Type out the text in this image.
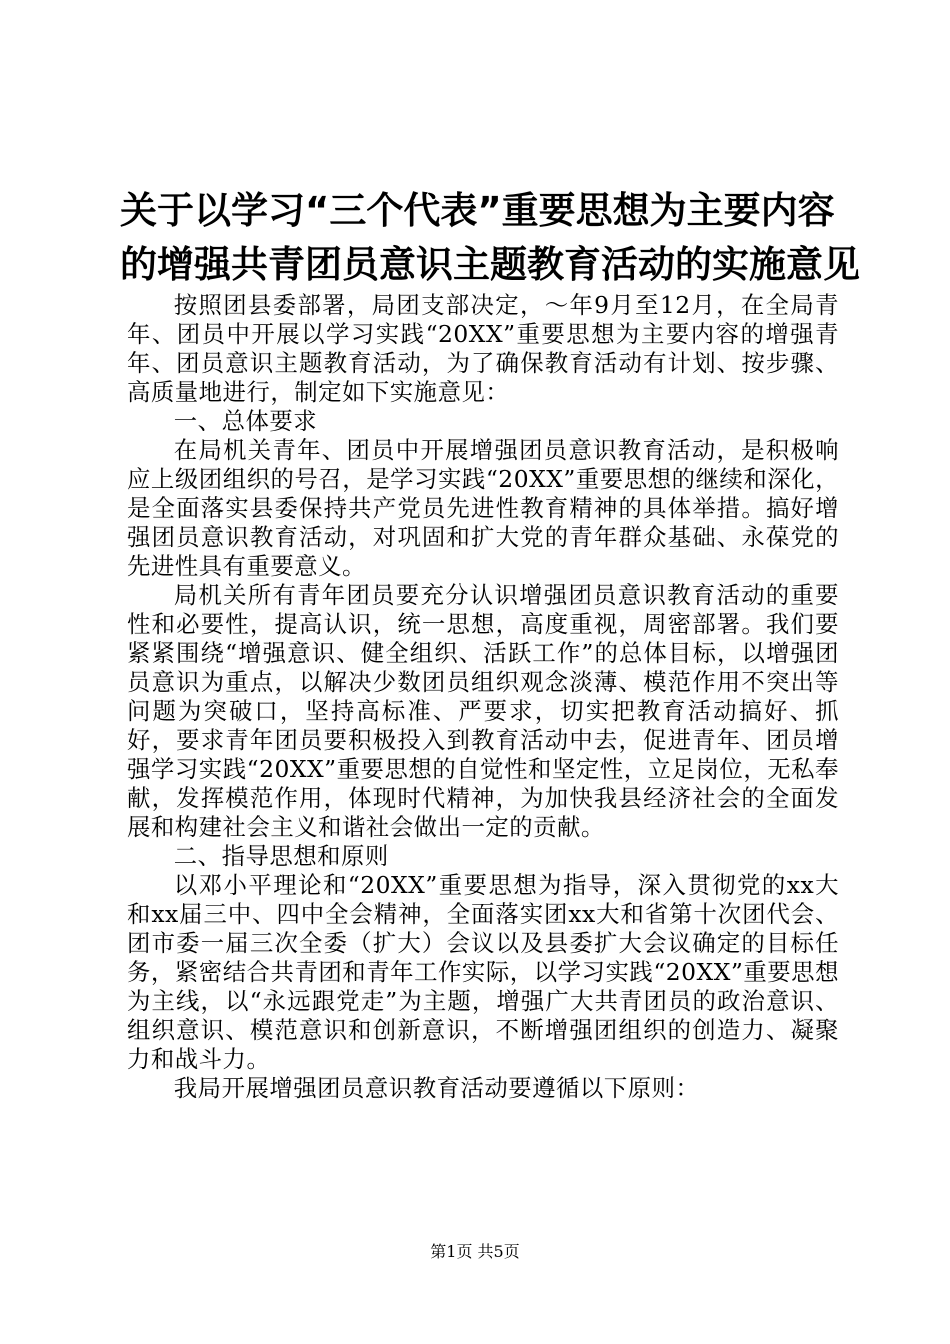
关于以学习“三个代表”重要思想为主要内容
的增强共青团员意识主题教育活动的实施意见

按照团县委部署，局团支部决定，～年9月至12月，在全局青年、团员中开展以学习实践“20XX”重要思想为主要内容的增强青年、团员意识主题教育活动，为了确保教育活动有计划、按步骤、高质量地进行，制定如下实施意见：

一、总体要求

在局机关青年、团员中开展增强团员意识教育活动，是积极响应上级团组织的号召，是学习实践“20XX”重要思想的继续和深化，是全面落实县委保持共产党员先进性教育精神的具体举措。搞好增强团员意识教育活动，对巩固和扩大党的青年群众基础、永葆党的先进性具有重要意义。

局机关所有青年团员要充分认识增强团员意识教育活动的重要性和必要性，提高认识，统一思想，高度重视，周密部署。我们要紧紧围绕“增强意识、健全组织、活跃工作”的总体目标，以增强团员意识为重点，以解决少数团员组织观念淡薄、模范作用不突出等问题为突破口，坚持高标准、严要求，切实把教育活动搞好、抓好，要求青年团员要积极投入到教育活动中去，促进青年、团员增强学习实践“20XX”重要思想的自觉性和坚定性，立足岗位，无私奉献，发挥模范作用，体现时代精神，为加快我县经济社会的全面发展和构建社会主义和谐社会做出一定的贡献。

二、指导思想和原则

以邓小平理论和“20XX”重要思想为指导，深入贯彻党的xx大和xx届三中、四中全会精神，全面落实团xx大和省第十次团代会、团市委一届三次全委（扩大）会议以及县委扩大会议确定的目标任务，紧密结合共青团和青年工作实际，以学习实践“20XX”重要思想为主线，以“永远跟党走”为主题，增强广大共青团员的政治意识、组织意识、模范意识和创新意识，不断增强团组织的创造力、凝聚力和战斗力。

我局开展增强团员意识教育活动要遵循以下原则：

第1页 共5页
